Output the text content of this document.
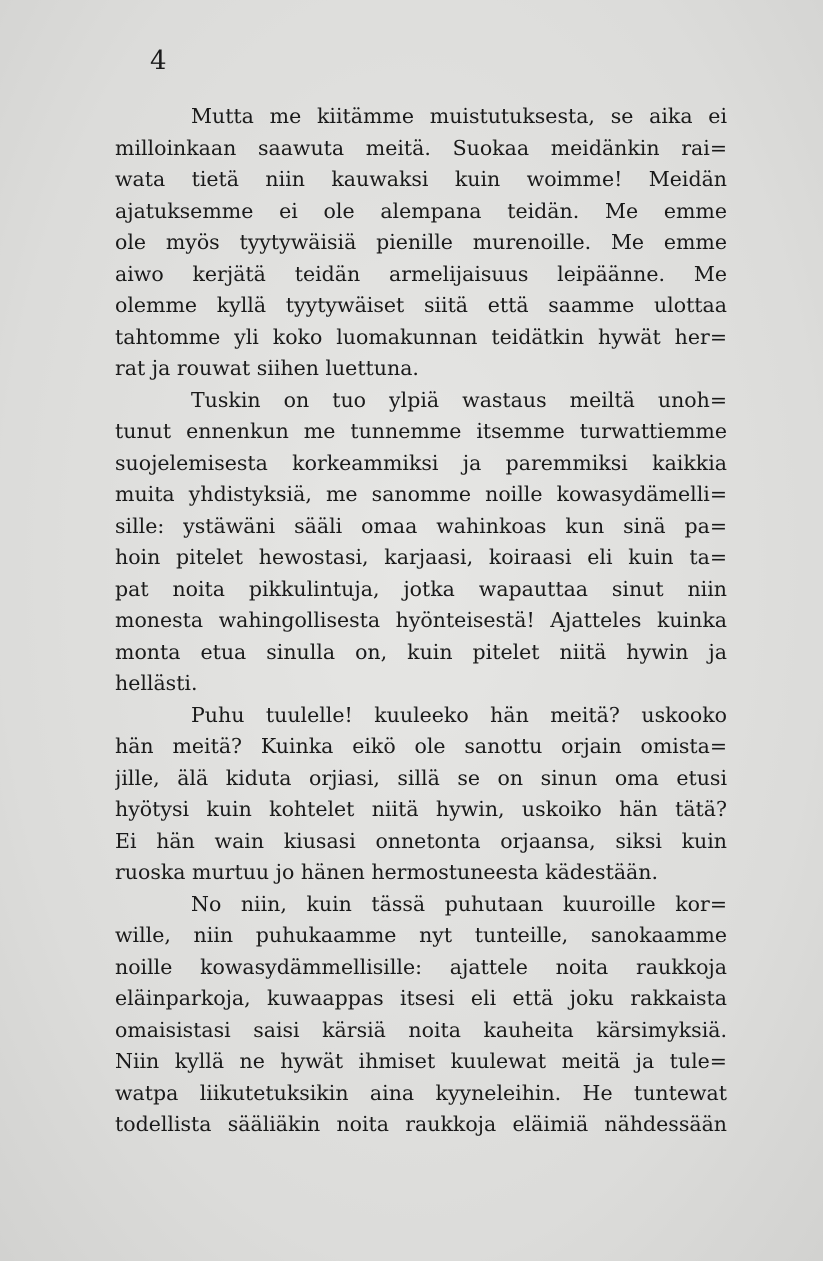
4
Mutta me kiitämme muistutuksesta, se aika ei
milloinkaan saawuta meitä. Suokaa meidänkin rai=
wata tietä niin kauwaksi kuin woimme! Meidän
ajatuksemme ei ole alempana teidän. Me emme
ole myös tyytywäisiä pienille murenoille. Me emme
aiwo kerjätä teidän armelijaisuus leipäänne. Me
olemme kyllä tyytywäiset siitä että saamme ulottaa
tahtomme yli koko luomakunnan teidätkin hywät her=
rat ja rouwat siihen luettuna.
Tuskin on tuo ylpiä wastaus meiltä unoh=
tunut ennenkun me tunnemme itsemme turwattiemme
suojelemisesta korkeammiksi ja paremmiksi kaikkia
muita yhdistyksiä, me sanomme noille kowasydämelli=
sille: ystäwäni sääli omaa wahinkoas kun sinä pa=
hoin pitelet hewostasi, karjaasi, koiraasi eli kuin ta=
pat noita pikkulintuja, jotka wapauttaa sinut niin
monesta wahingollisesta hyönteisestä! Ajatteles kuinka
monta etua sinulla on, kuin pitelet niitä hywin ja
hellästi.
Puhu tuulelle! kuuleeko hän meitä? uskooko
hän meitä? Kuinka eikö ole sanottu orjain omista=
jille, älä kiduta orjiasi, sillä se on sinun oma etusi
hyötysi kuin kohtelet niitä hywin, uskoiko hän tätä?
Ei hän wain kiusasi onnetonta orjaansa, siksi kuin
ruoska murtuu jo hänen hermostuneesta kädestään.
No niin, kuin tässä puhutaan kuuroille kor=
wille, niin puhukaamme nyt tunteille, sanokaamme
noille kowasydämmellisille: ajattele noita raukkoja
eläinparkoja, kuwaappas itsesi eli että joku rakkaista
omaisistasi saisi kärsiä noita kauheita kärsimyksiä.
Niin kyllä ne hywät ihmiset kuulewat meitä ja tule=
watpa liikutetuksikin aina kyyneleihin. He tuntewat
todellista sääliäkin noita raukkoja eläimiä nähdessään
